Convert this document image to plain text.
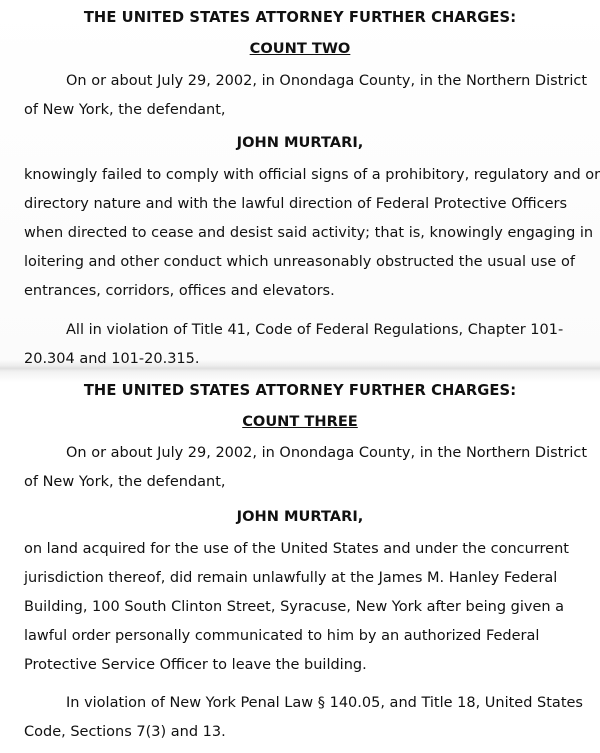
THE UNITED STATES ATTORNEY FURTHER CHARGES:
COUNT TWO
On or about July 29, 2002, in Onondaga County, in the Northern District
of New York, the defendant,
JOHN MURTARI,
knowingly failed to comply with official signs of a prohibitory, regulatory and or
directory nature and with the lawful direction of Federal Protective Officers
when directed to cease and desist said activity; that is, knowingly engaging in
loitering and other conduct which unreasonably obstructed the usual use of
entrances, corridors, offices and elevators.
All in violation of Title 41, Code of Federal Regulations, Chapter 101-
20.304 and 101-20.315.
THE UNITED STATES ATTORNEY FURTHER CHARGES:
COUNT THREE
On or about July 29, 2002, in Onondaga County, in the Northern District
of New York, the defendant,
JOHN MURTARI,
on land acquired for the use of the United States and under the concurrent
jurisdiction thereof, did remain unlawfully at the James M. Hanley Federal
Building, 100 South Clinton Street, Syracuse, New York after being given a
lawful order personally communicated to him by an authorized Federal
Protective Service Officer to leave the building.
In violation of New York Penal Law § 140.05, and Title 18, United States
Code, Sections 7(3) and 13.
